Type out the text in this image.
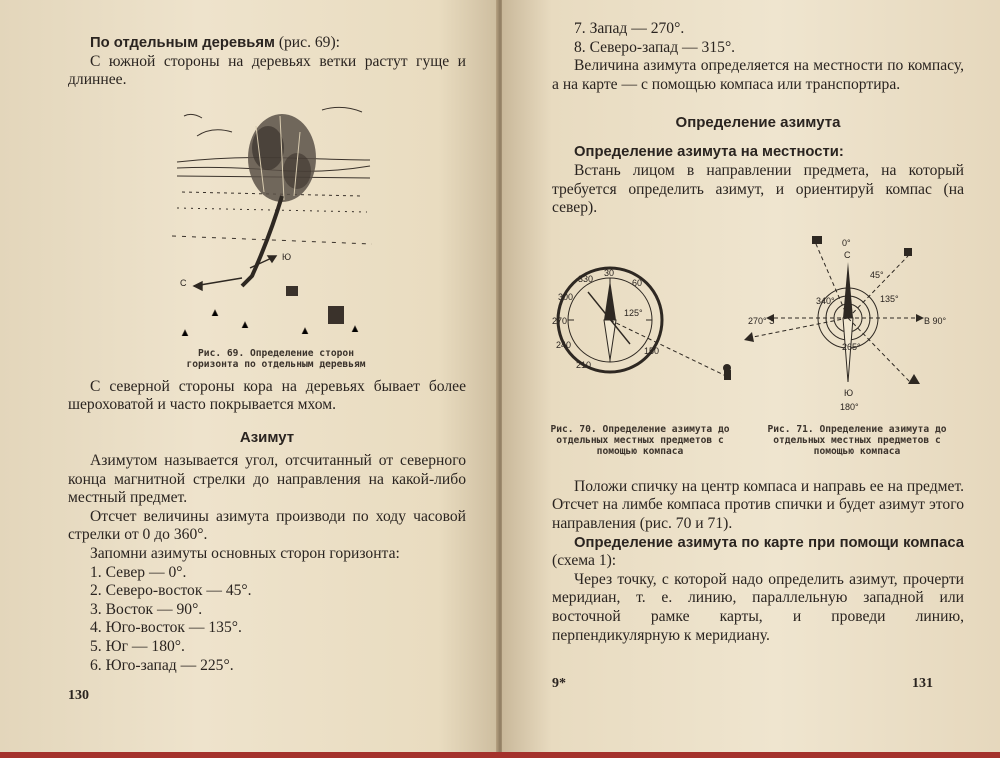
По отдельным деревьям (рис. 69):

С южной стороны на деревьях ветки растут гуще и длиннее.

С северной стороны кора на деревьях бывает более шероховатой и часто покрывается мхом.

Азимут

Азимутом называется угол, отсчитанный от северного конца магнитной стрелки до направления на какой-либо местный предмет.

Отсчет величины азимута производи по ходу часовой стрелки от 0 до 360°.

Запомни азимуты основных сторон горизонта:

1. Север — 0°.
2. Северо-восток — 45°.
3. Восток — 90°.
4. Юго-восток — 135°.
5. Юг — 180°.
6. Юго-запад — 225°.
С
Ю
Рис. 69. Определение сторон горизонта по отдельным деревьям
130
7. Запад — 270°.
8. Северо-запад — 315°.

Величина азимута определяется на местности по компасу, а на карте — с помощью компаса или транспортира.

Определение азимута

Определение азимута на местности:

Встань лицом в направлении предмета, на который требуется определить азимут, и ориентируй компас (на север).

Положи спичку на центр компаса и направь ее на предмет. Отсчет на лимбе компаса против спички и будет азимут этого направления (рис. 70 и 71).

Определение азимута по карте при помощи компаса (схема 1):

Через точку, с которой надо определить азимут, прочерти меридиан, т. е. линию, параллельную западной или восточной рамке карты, и проведи линию, перпендикулярную к меридиану.

30
330	60
300
270
240
210
150
125°
Рис. 70. Определение азимута до отдельных местных предметов с помощью компаса
0°
С
В 90°
270° З
Ю
180°
45°
135°
340°
265°
Рис. 71. Определение азимута до отдельных местных предметов с помощью компаса
9*	131
